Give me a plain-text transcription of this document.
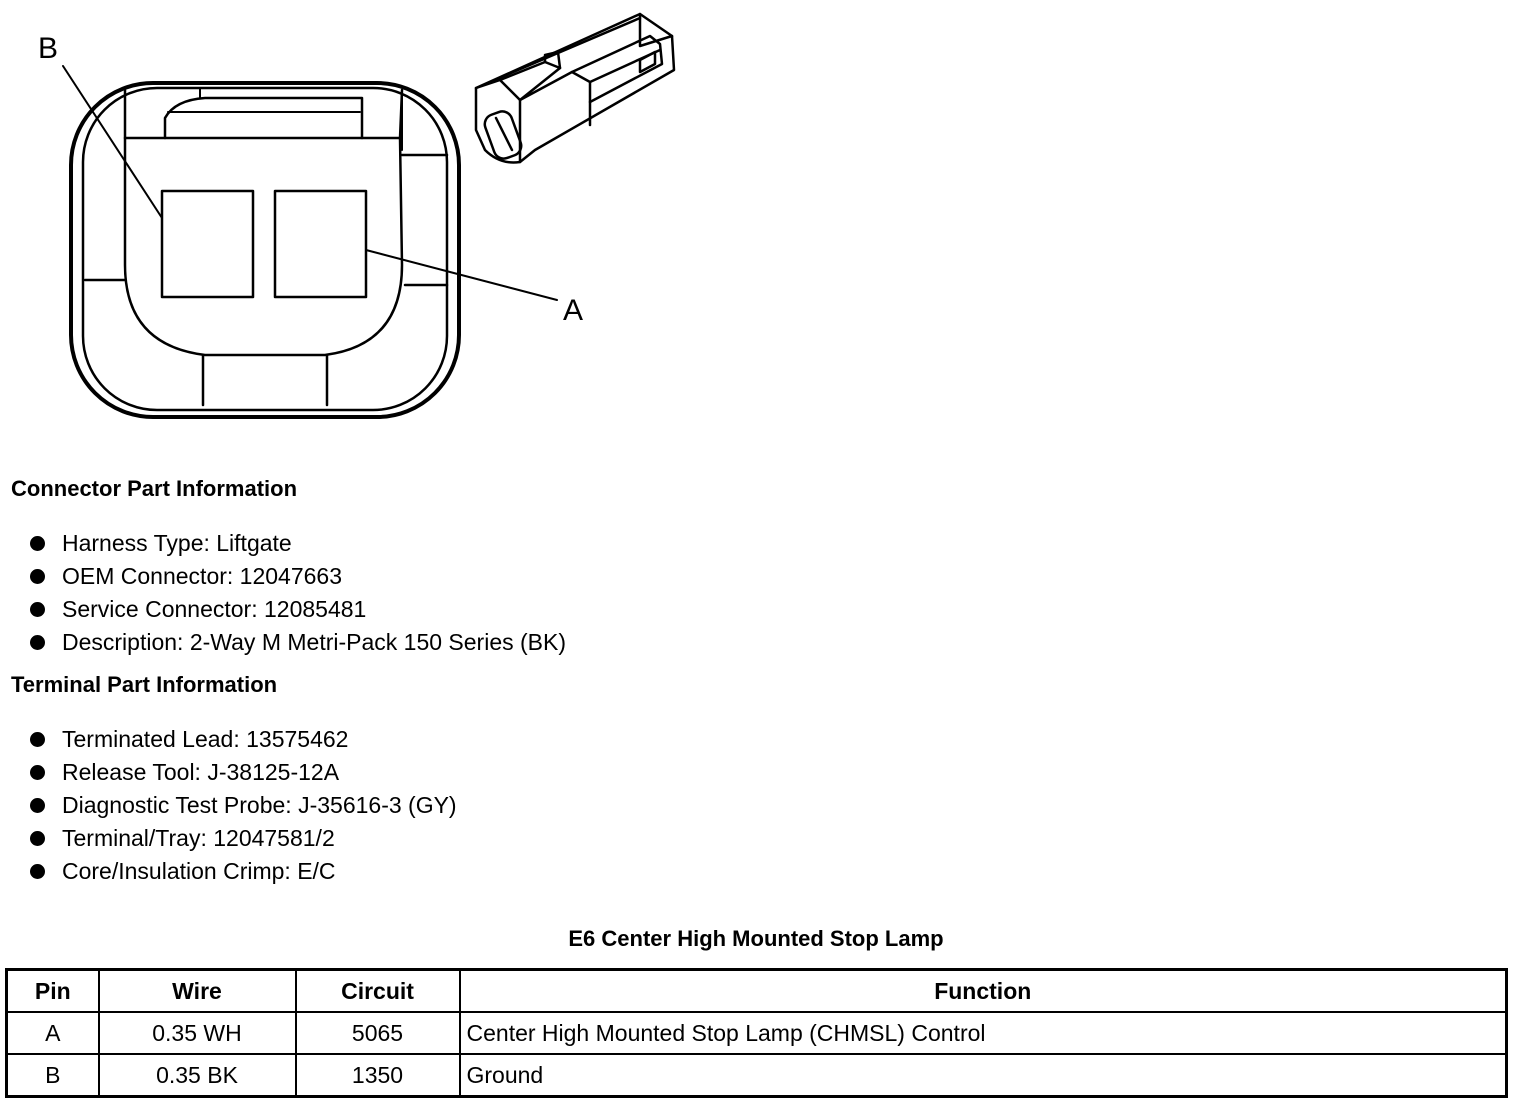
B
A
Connector Part Information
Harness Type: Liftgate
OEM Connector: 12047663
Service Connector: 12085481
Description: 2-Way M Metri-Pack 150 Series (BK)
Terminal Part Information
Terminated Lead: 13575462
Release Tool: J-38125-12A
Diagnostic Test Probe: J-35616-3 (GY)
Terminal/Tray: 12047581/2
Core/Insulation Crimp: E/C
E6 Center High Mounted Stop Lamp
Pin	Wire	Circuit	Function
A	0.35 WH	5065	Center High Mounted Stop Lamp (CHMSL) Control
B	0.35 BK	1350	Ground
